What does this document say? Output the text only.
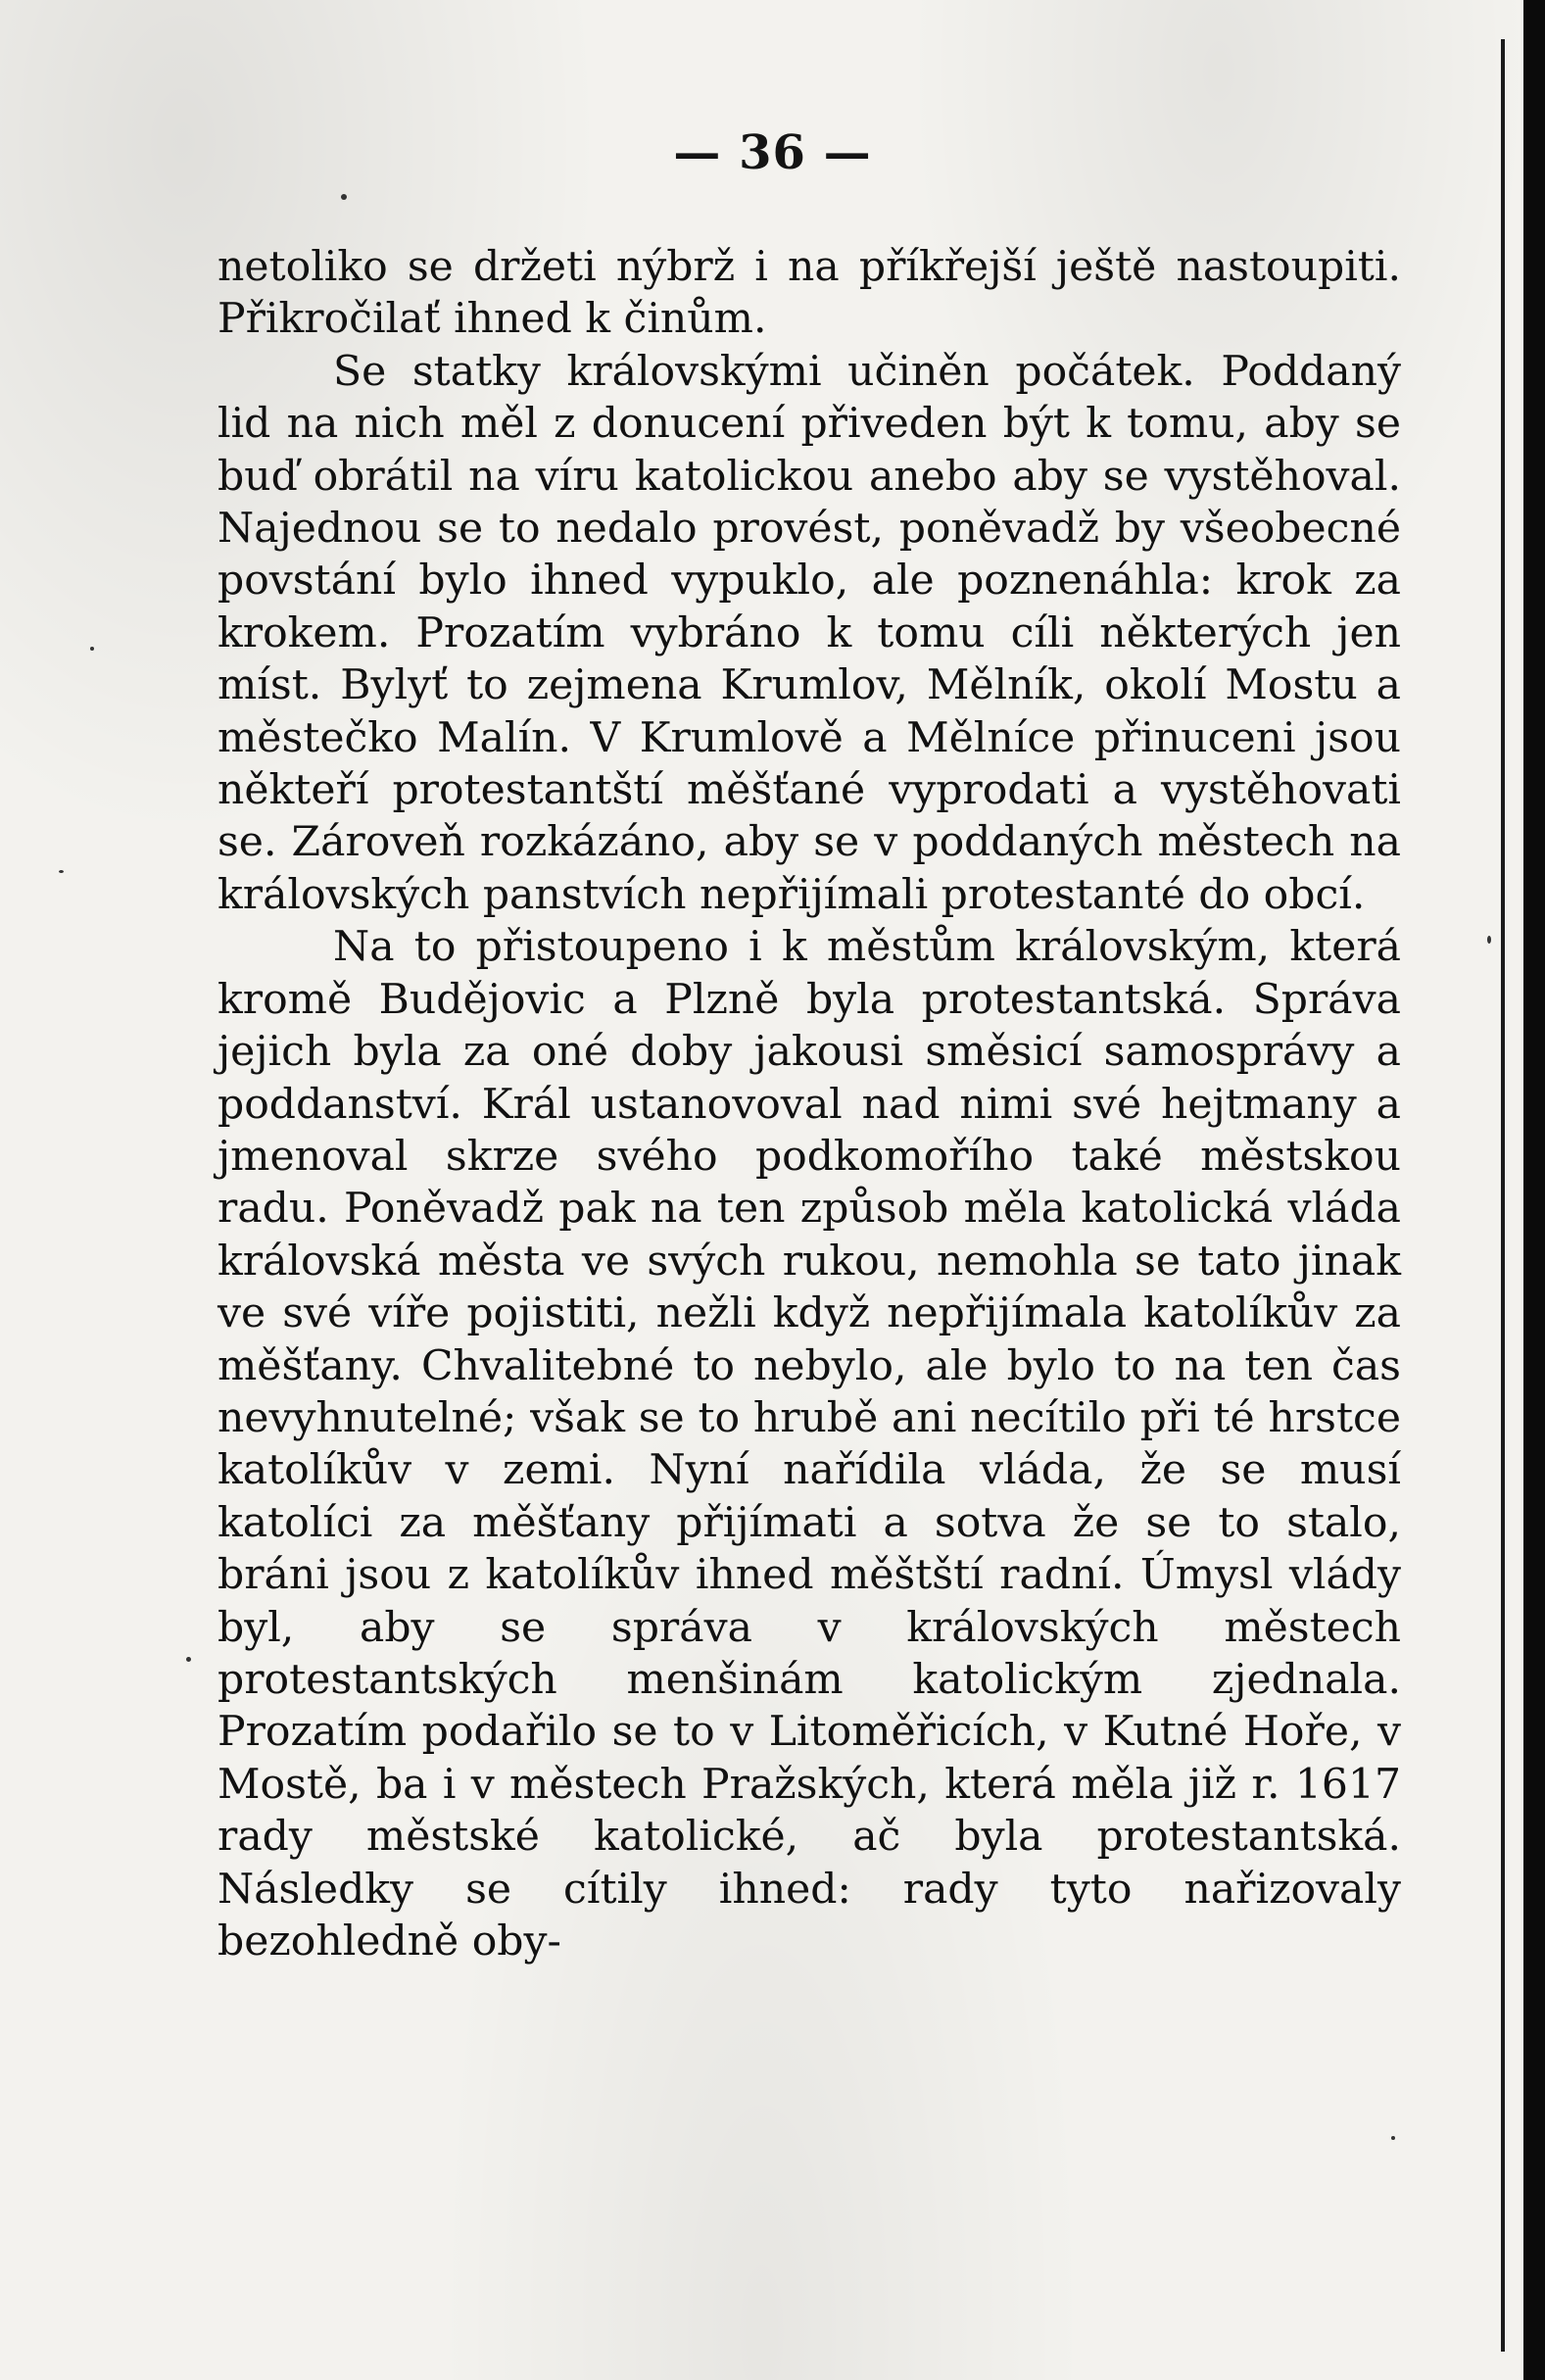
— 36 —

netoliko se držeti nýbrž i na příkřejší ještě nastoupiti. Přikročilať ihned k činům.

Se statky královskými učiněn počátek. Poddaný lid na nich měl z donucení přiveden být k tomu, aby se buď obrátil na víru katolickou anebo aby se vystěhoval. Najednou se to nedalo provést, poněvadž by všeobecné povstání bylo ihned vypuklo, ale poznenáhla: krok za krokem. Prozatím vybráno k tomu cíli některých jen míst. Bylyť to zejmena Krumlov, Mělník, okolí Mostu a městečko Malín. V Krumlově a Mělníce přinuceni jsou někteří protestantští měšťané vyprodati a vystěhovati se. Zároveň rozkázáno, aby se v poddaných městech na královských panstvích nepřijímali protestanté do obcí.

Na to přistoupeno i k městům královským, která kromě Budějovic a Plzně byla protestantská. Správa jejich byla za oné doby jakousi směsicí samosprávy a poddanství. Král ustanovoval nad nimi své hejtmany a jmenoval skrze svého podkomořího také městskou radu. Poněvadž pak na ten způsob měla katolická vláda královská města ve svých rukou, nemohla se tato jinak ve své víře pojistiti, nežli když nepřijímala katolíkův za měšťany. Chvalitebné to nebylo, ale bylo to na ten čas nevyhnutelné; však se to hrubě ani necítilo při té hrstce katolíkův v zemi. Nyní nařídila vláda, že se musí katolíci za měšťany přijímati a sotva že se to stalo, bráni jsou z katolíkův ihned měštští radní. Úmysl vlády byl, aby se správa v královských městech protestantských menšinám katolickým zjednala. Prozatím podařilo se to v Litoměřicích, v Kutné Hoře, v Mostě, ba i v městech Pražských, která měla již r. 1617 rady městské katolické, ač byla protestantská. Následky se cítily ihned: rady tyto nařizovaly bezohledně oby-
